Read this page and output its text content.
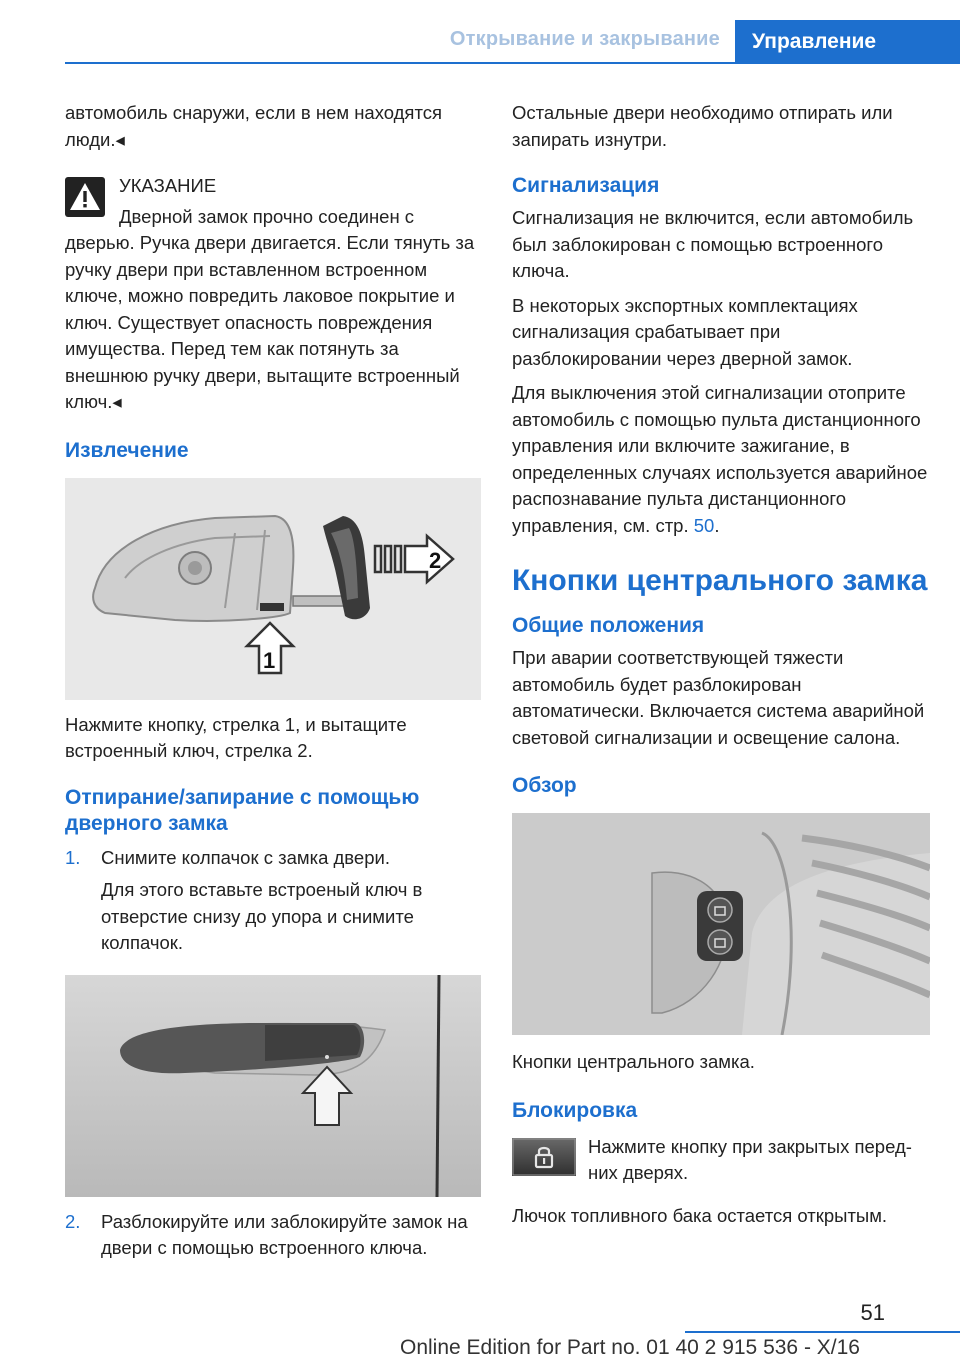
Открывание и закрывание	Управление

автомобиль снаружи, если в нем находятся люди.◂

УКАЗАНИЕ
Дверной замок прочно соединен с
дверью. Ручка двери двигается. Если тянуть за ручку двери при вставленном встроенном ключе, можно повредить лаковое покрытие и ключ. Существует опасность повреждения имущества. Перед тем как потянуть за внешнюю ручку двери, вытащите встроенный ключ.◂
Извлечение
1
2

Нажмите кнопку, стрелка 1, и вытащите встроенный ключ, стрелка 2.

Отпирание/запирание с помощью дверного замка
1.	Снимите колпачок с замка двери.

Для этого вставьте встроеный ключ в отверстие снизу до упора и снимите колпачок.

2.	Разблокируйте или заблокируйте замок на двери с помощью встроенного ключа.

Остальные двери необходимо отпирать или запирать изнутри.

Сигнализация

Сигнализация не включится, если автомобиль был заблокирован с помощью встроенного ключа.

В некоторых экспортных комплектациях сигнализация срабатывает при разблокировании через дверной замок.

Для выключения этой сигнализации отоприте автомобиль с помощью пульта дистанционного управления или включите зажигание, в определенных случаях используется аварийное распознавание пульта дистанционного управления, см. стр. 50.

Кнопки центрального замка
Общие положения

При аварии соответствующей тяжести автомобиль будет разблокирован автоматически. Включается система аварийной световой сигнализации и освещение салона.

Обзор

Кнопки центрального замка.

Блокировка
Нажмите кнопку при закрытых передних дверях.

Лючок топливного бака остается открытым.

51
Online Edition for Part no. 01 40 2 915 536 - X/16
